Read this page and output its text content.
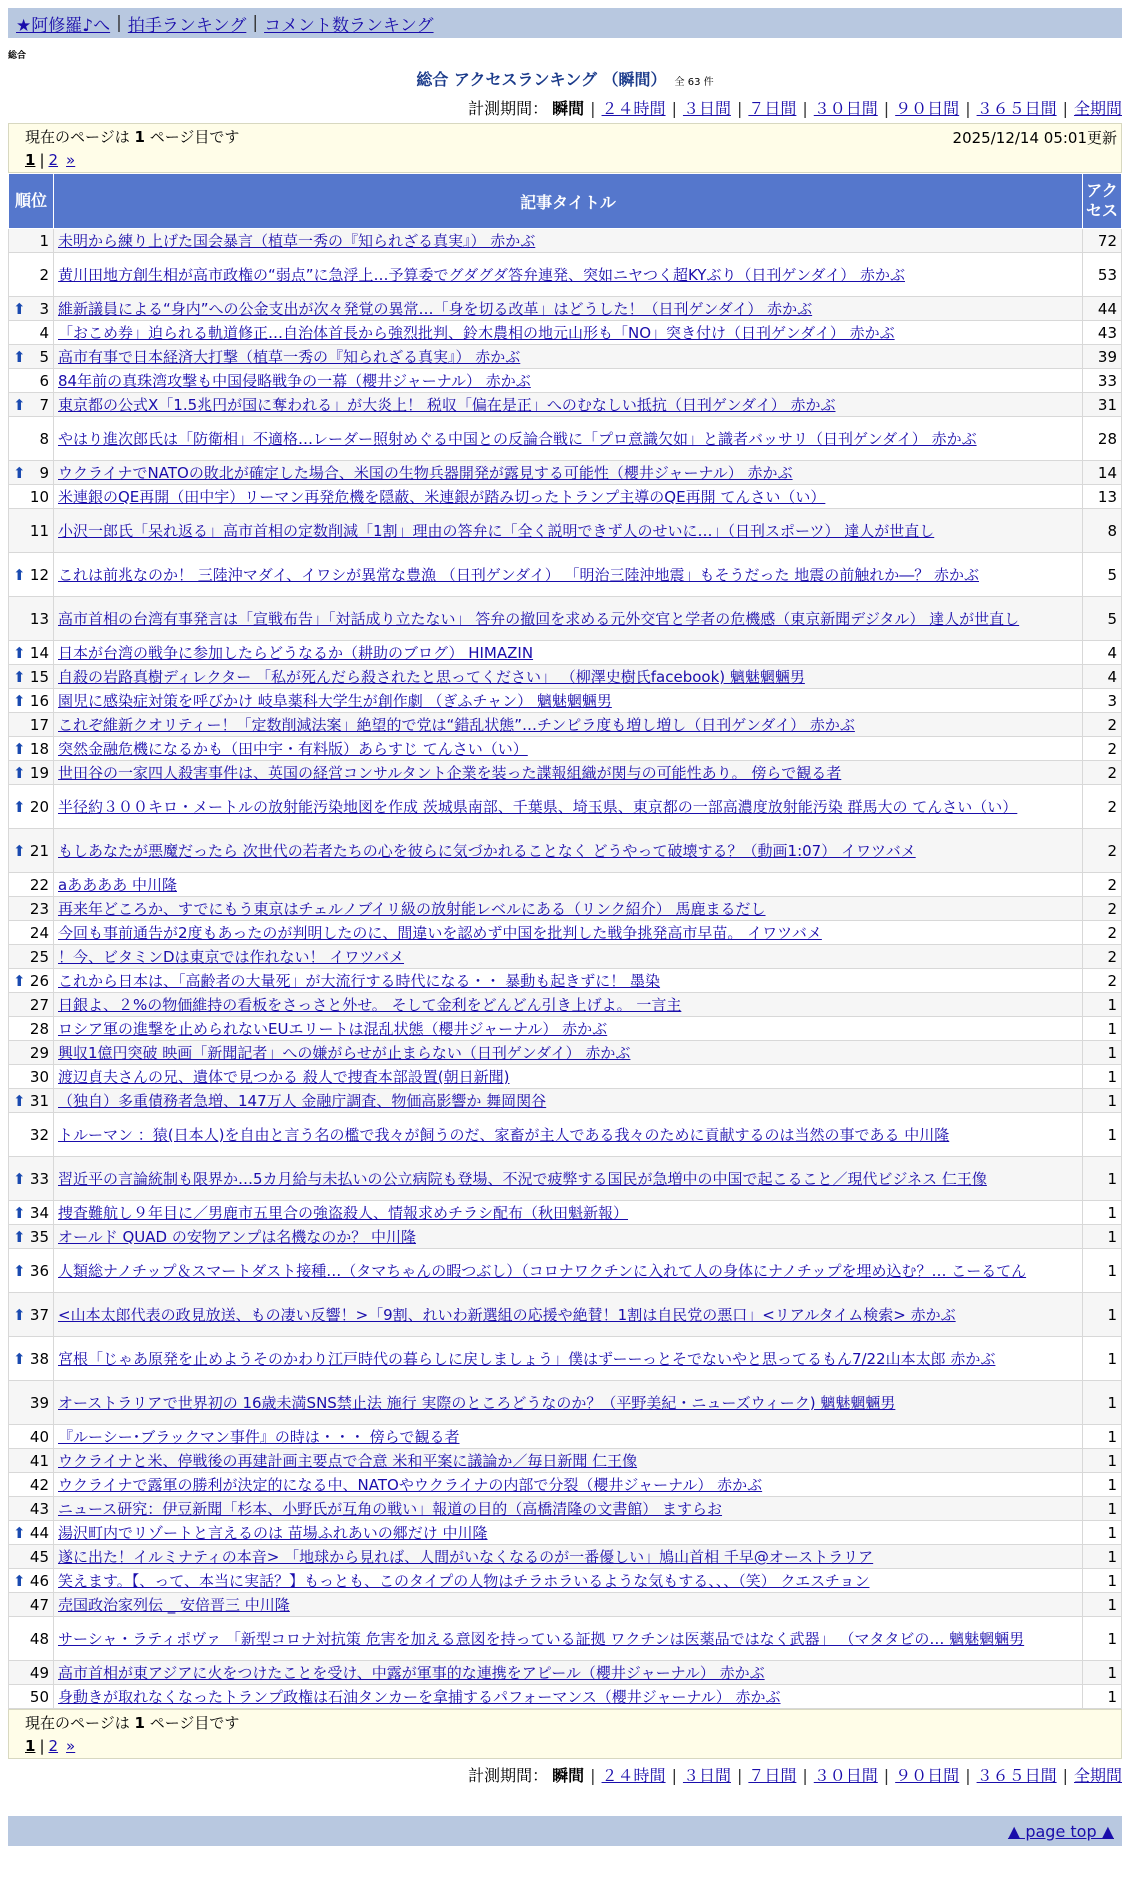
★阿修羅♪へ | 拍手ランキング | コメント数ランキング
総合
総合 アクセスランキング （瞬間） 全 63 件
計測期間： 瞬間 | ２４時間 | ３日間 | ７日間 | ３０日間 | ９０日間 | ３６５日間 | 全期間
現在のページは 1 ページ目です	2025/12/14 05:01更新
1 | 2 »
順位	記事タイトル	アクセス
1	未明から練り上げた国会暴言（植草一秀の『知られざる真実』） 赤かぶ	72
2	黄川田地方創生相が高市政権の“弱点”に急浮上…予算委でグダグダ答弁連発、突如ニヤつく超KYぶり（日刊ゲンダイ） 赤かぶ	53

⬆ 3	維新議員による“身内”への公金支出が次々発覚の異常…「身を切る改革」はどうした！（日刊ゲンダイ） 赤かぶ	44
4	「おこめ券」迫られる軌道修正…自治体首長から強烈批判、鈴木農相の地元山形も「NO」突き付け（日刊ゲンダイ） 赤かぶ	43

⬆ 5	高市有事で日本経済大打撃（植草一秀の『知られざる真実』） 赤かぶ	39
6	84年前の真珠湾攻撃も中国侵略戦争の一幕（櫻井ジャーナル） 赤かぶ	33

⬆ 7	東京都の公式X「1.5兆円が国に奪われる」が大炎上！ 税収「偏在是正」へのむなしい抵抗（日刊ゲンダイ） 赤かぶ	31
8	やはり進次郎氏は「防衛相」不適格…レーダー照射めぐる中国との反論合戦に「プロ意識欠如」と識者バッサリ（日刊ゲンダイ） 赤かぶ	28

⬆ 9	ウクライナでNATOの敗北が確定した場合、米国の生物兵器開発が露見する可能性（櫻井ジャーナル） 赤かぶ	14
10	米連銀のQE再開（田中宇）リーマン再発危機を隠蔽、米連銀が踏み切ったトランプ主導のQE再開 てんさい（い）	13
11	小沢一郎氏「呆れ返る」高市首相の定数削減「1割」理由の答弁に「全く説明できず人のせいに…」（日刊スポーツ） 達人が世直し	8

⬆ 12	これは前兆なのか！ 三陸沖マダイ、イワシが異常な豊漁 （日刊ゲンダイ） 「明治三陸沖地震」もそうだった 地震の前触れか―？ 赤かぶ	5
13	高市首相の台湾有事発言は「宣戦布告」「対話成り立たない」 答弁の撤回を求める元外交官と学者の危機感（東京新聞デジタル） 達人が世直し	5

⬆ 14	日本が台湾の戦争に参加したらどうなるか（耕助のブログ） HIMAZIN	4

⬆ 15	自殺の岩路真樹ディレクター 「私が死んだら殺されたと思ってください」 （柳澤史樹氏facebook) 魑魅魍魎男	4

⬆ 16	園児に感染症対策を呼びかけ 岐阜薬科大学生が創作劇 （ぎふチャン） 魑魅魍魎男	3
17	これぞ維新クオリティー！「定数削減法案」絶望的で党は“錯乱状態”…チンピラ度も増し増し（日刊ゲンダイ） 赤かぶ	2

⬆ 18	突然金融危機になるかも（田中宇・有料版）あらすじ てんさい（い）	2

⬆ 19	世田谷の一家四人殺害事件は、英国の経営コンサルタント企業を装った諜報組織が関与の可能性あり。 傍らで観る者	2

⬆ 20	半径約３００キロ・メートルの放射能汚染地図を作成 茨城県南部、千葉県、埼玉県、東京都の一部高濃度放射能汚染 群馬大の てんさい（い）	2

⬆ 21	もしあなたが悪魔だったら 次世代の若者たちの心を彼らに気づかれることなく どうやって破壊する？（動画1:07） イワツバメ	2
22	aああああ 中川隆	2
23	再来年どころか、すでにもう東京はチェルノブイリ級の放射能レベルにある（リンク紹介） 馬鹿まるだし	2
24	今回も事前通告が2度もあったのが判明したのに、間違いを認めず中国を批判した戦争挑発高市早苗。 イワツバメ	2
25	！今、ビタミンDは東京では作れない！ イワツバメ	2

⬆ 26	これから日本は、「高齢者の大量死」が大流行する時代になる・・ 暴動も起きずに！ 墨染	2
27	日銀よ、２%の物価維持の看板をさっさと外せ。 そして金利をどんどん引き上げよ。 一言主	1
28	ロシア軍の進撃を止められないEUエリートは混乱状態（櫻井ジャーナル） 赤かぶ	1
29	興収1億円突破 映画「新聞記者」への嫌がらせが止まらない（日刊ゲンダイ） 赤かぶ	1
30	渡辺貞夫さんの兄、遺体で見つかる 殺人で捜査本部設置(朝日新聞)	1

⬆ 31	（独自）多重債務者急増、147万人 金融庁調査、物価高影響か 舞岡関谷	1
32	トルーマン ：猿(日本人)を自由と言う名の檻で我々が飼うのだ、家畜が主人である我々のために貢献するのは当然の事である 中川隆	1

⬆ 33	習近平の言論統制も限界か…5カ月給与未払いの公立病院も登場、不況で疲弊する国民が急増中の中国で起こること／現代ビジネス 仁王像	1

⬆ 34	捜査難航し９年目に／男鹿市五里合の強盗殺人、情報求めチラシ配布（秋田魁新報）	1

⬆ 35	オールド QUAD の安物アンプは名機なのか？ 中川隆	1

⬆ 36	人類総ナノチップ＆スマートダスト接種…（タマちゃんの暇つぶし）（コロナワクチンに入れて人の身体にナノチップを埋め込む？… こーるてん	1

⬆ 37	<山本太郎代表の政見放送、もの凄い反響！>「9割、れいわ新選組の応援や絶賛！1割は自民党の悪口」<リアルタイム検索> 赤かぶ	1

⬆ 38	宮根「じゃあ原発を止めようそのかわり江戸時代の暮らしに戻しましょう」僕はずーーっとそでないやと思ってるもん7/22山本太郎 赤かぶ	1
39	オーストラリアで世界初の 16歳未満SNS禁止法 施行 実際のところどうなのか？（平野美紀・ニューズウィーク) 魑魅魍魎男	1
40	『ルーシー･ブラックマン事件』の時は・・・ 傍らで観る者	1
41	ウクライナと米、停戦後の再建計画主要点で合意 米和平案に議論か／毎日新聞 仁王像	1
42	ウクライナで露軍の勝利が決定的になる中、NATOやウクライナの内部で分裂（櫻井ジャーナル） 赤かぶ	1
43	ニュース研究：伊豆新聞「杉本、小野氏が互角の戦い」報道の目的（高橋清隆の文書館） ますらお	1

⬆ 44	湯沢町内でリゾートと言えるのは 苗場ふれあいの郷だけ 中川隆	1
45	遂に出た！イルミナティの本音> 「地球から見れば、人間がいなくなるのが一番優しい」鳩山首相 千早@オーストラリア	1

⬆ 46	笑えます。【、って、本当に実話？】もっとも、このタイプの人物はチラホラいるような気もする、、、（笑） クエスチョン	1
47	売国政治家列伝 _ 安倍晋三 中川隆	1
48	サーシャ・ラティポヴァ 「新型コロナ対抗策 危害を加える意図を持っている証拠 ワクチンは医薬品ではなく武器」 （マタタビの… 魑魅魍魎男	1
49	高市首相が東アジアに火をつけたことを受け、中露が軍事的な連携をアピール（櫻井ジャーナル） 赤かぶ	1
50	身動きが取れなくなったトランプ政権は石油タンカーを拿捕するパフォーマンス（櫻井ジャーナル） 赤かぶ	1
現在のページは 1 ページ目です
1 | 2 »
計測期間： 瞬間 | ２４時間 | ３日間 | ７日間 | ３０日間 | ９０日間 | ３６５日間 | 全期間
▲ page top ▲
